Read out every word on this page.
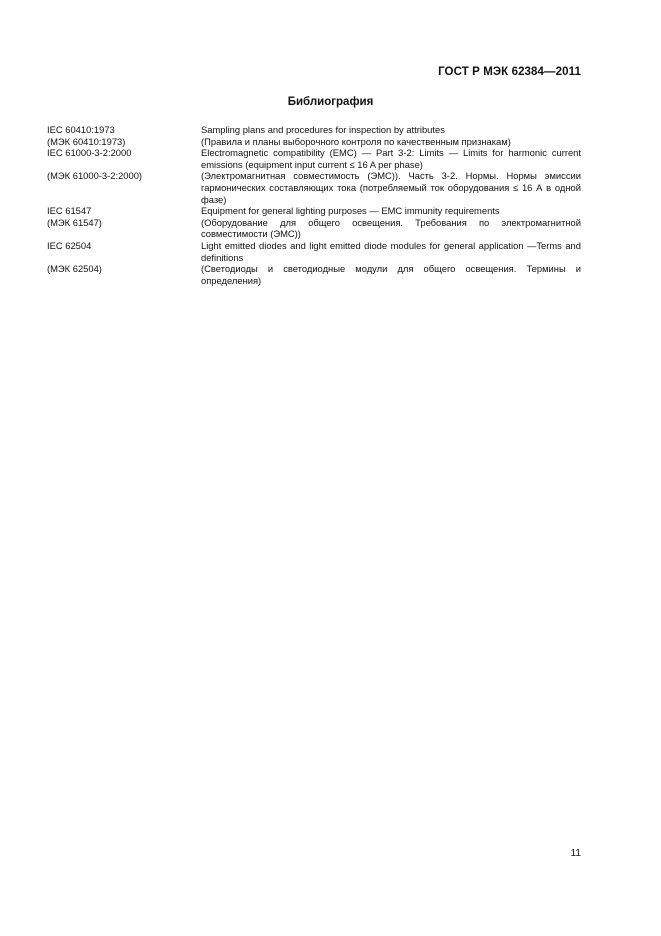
ГОСТ Р МЭК 62384—2011
Библиография
IEC 60410:1973	Sampling plans and procedures for inspection by attributes
(МЭК 60410:1973)	(Правила и планы выборочного контроля по качественным признакам)
IEC 61000-3-2:2000	Electromagnetic compatibility (EMC) — Part 3-2: Limits — Limits for harmonic current emissions (equipment input current ≤ 16 A per phase)
(МЭК 61000-3-2:2000)	(Электромагнитная совместимость (ЭМС)). Часть 3-2. Нормы. Нормы эмиссии гармонических составляющих тока (потребляемый ток оборудования ≤ 16 А в одной фазе)
IEC 61547	Equipment for general lighting purposes — EMC immunity requirements
(МЭК 61547)	(Оборудование для общего освещения. Требования по электромагнитной совместимости (ЭМС))
IEC 62504	Light emitted diodes and light emitted diode modules for general application —Terms and definitions
(МЭК 62504)	(Светодиоды и светодиодные модули для общего освещения. Термины и определения)
11
